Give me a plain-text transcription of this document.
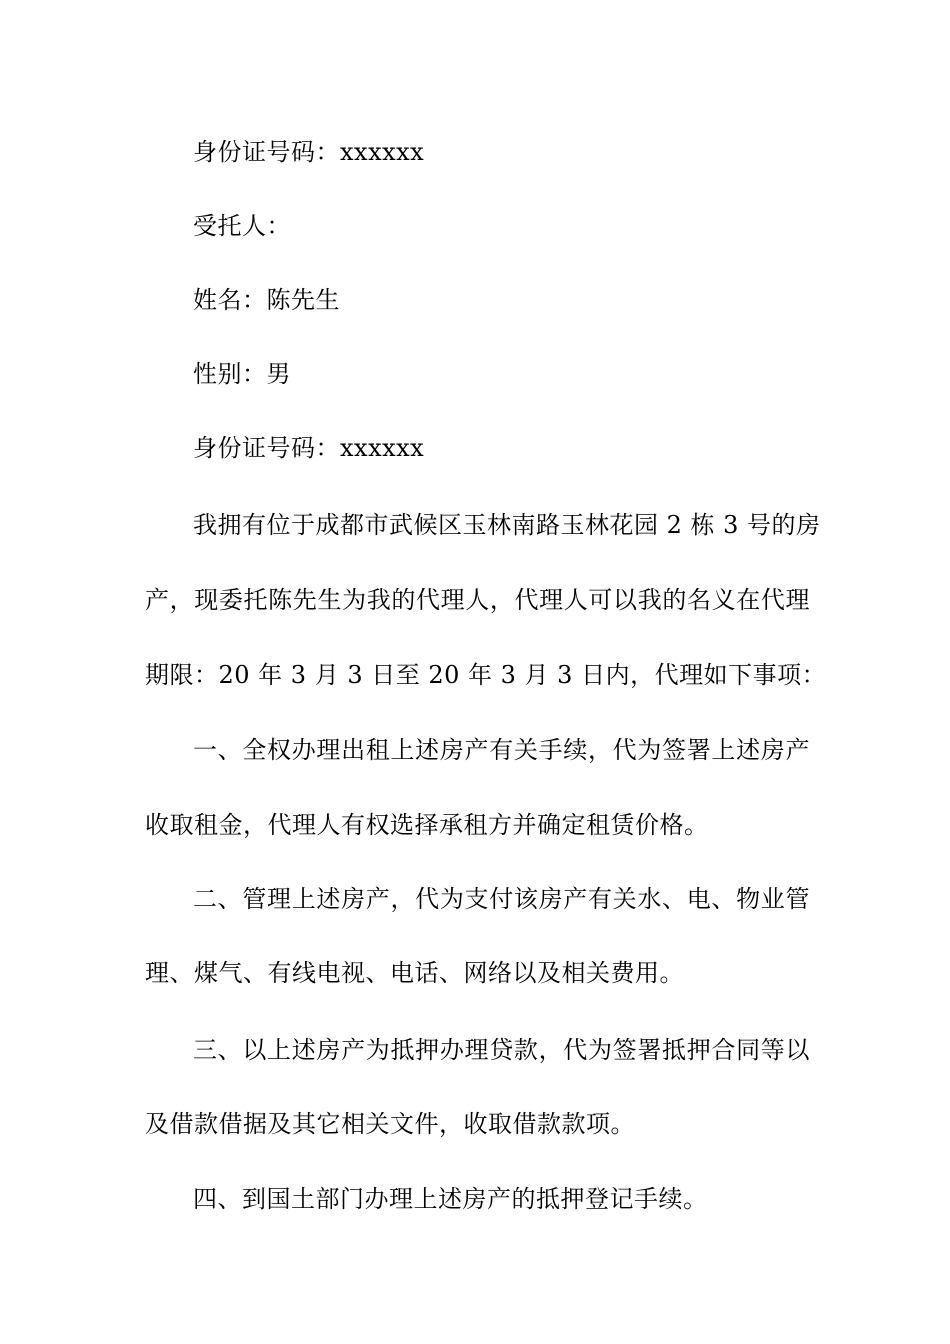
身份证号码：xxxxxx
受托人：
姓名：陈先生
性别：男
身份证号码：xxxxxx
我拥有位于成都市武候区玉林南路玉林花园 2 栋 3 号的房
产，现委托陈先生为我的代理人，代理人可以我的名义在代理
期限：20 年 3 月 3 日至 20 年 3 月 3 日内，代理如下事项：
一、全权办理出租上述房产有关手续，代为签署上述房产
收取租金，代理人有权选择承租方并确定租赁价格。
二、管理上述房产，代为支付该房产有关水、电、物业管
理、煤气、有线电视、电话、网络以及相关费用。
三、以上述房产为抵押办理贷款，代为签署抵押合同等以
及借款借据及其它相关文件，收取借款款项。
四、到国土部门办理上述房产的抵押登记手续。
